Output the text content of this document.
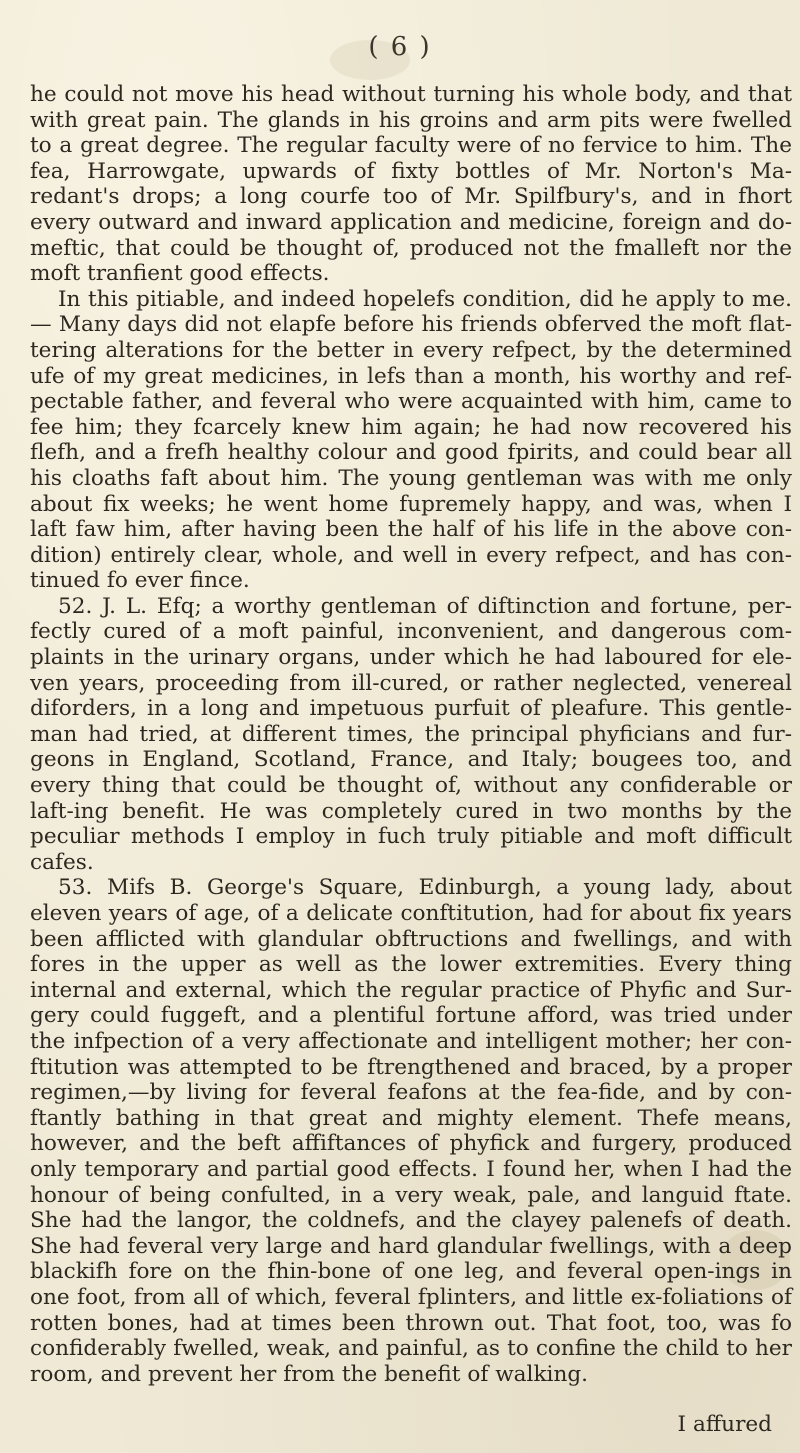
( 6 )

he could not move his head without turning his whole body, and that with great pain. The glands in his groins and arm pits were fwelled to a great degree. The regular faculty were of no fervice to him. The fea, Harrowgate, upwards of fixty bottles of Mr. Norton's Ma-redant's drops; a long courfe too of Mr. Spilfbury's, and in fhort every outward and inward application and medicine, foreign and do-meftic, that could be thought of, produced not the fmalleft nor the moft tranfient good effects.

In this pitiable, and indeed hopelefs condition, did he apply to me. — Many days did not elapfe before his friends obferved the moft flat-tering alterations for the better in every refpect, by the determined ufe of my great medicines, in lefs than a month, his worthy and ref-pectable father, and feveral who were acquainted with him, came to fee him; they fcarcely knew him again; he had now recovered his flefh, and a frefh healthy colour and good fpirits, and could bear all his cloaths faft about him. The young gentleman was with me only about fix weeks; he went home fupremely happy, and was, when I laft faw him, after having been the half of his life in the above con-dition) entirely clear, whole, and well in every refpect, and has con-tinued fo ever fince.

52. J. L. Efq; a worthy gentleman of diftinction and fortune, per-fectly cured of a moft painful, inconvenient, and dangerous com-plaints in the urinary organs, under which he had laboured for ele-ven years, proceeding from ill-cured, or rather neglected, venereal diforders, in a long and impetuous purfuit of pleafure. This gentle-man had tried, at different times, the principal phyficians and fur-geons in England, Scotland, France, and Italy; bougees too, and every thing that could be thought of, without any confiderable or laft-ing benefit. He was completely cured in two months by the peculiar methods I employ in fuch truly pitiable and moft difficult cafes.

53. Mifs B. George's Square, Edinburgh, a young lady, about eleven years of age, of a delicate conftitution, had for about fix years been afflicted with glandular obftructions and fwellings, and with fores in the upper as well as the lower extremities. Every thing internal and external, which the regular practice of Phyfic and Sur-gery could fuggeft, and a plentiful fortune afford, was tried under the infpection of a very affectionate and intelligent mother; her con-ftitution was attempted to be ftrengthened and braced, by a proper regimen,—by living for feveral feafons at the fea-fide, and by con-ftantly bathing in that great and mighty element. Thefe means, however, and the beft affiftances of phyfick and furgery, produced only temporary and partial good effects. I found her, when I had the honour of being confulted, in a very weak, pale, and languid ftate. She had the langor, the coldnefs, and the clayey palenefs of death. She had feveral very large and hard glandular fwellings, with a deep blackifh fore on the fhin-bone of one leg, and feveral open-ings in one foot, from all of which, feveral fplinters, and little ex-foliations of rotten bones, had at times been thrown out. That foot, too, was fo confiderably fwelled, weak, and painful, as to confine the child to her room, and prevent her from the benefit of walking.

I affured
